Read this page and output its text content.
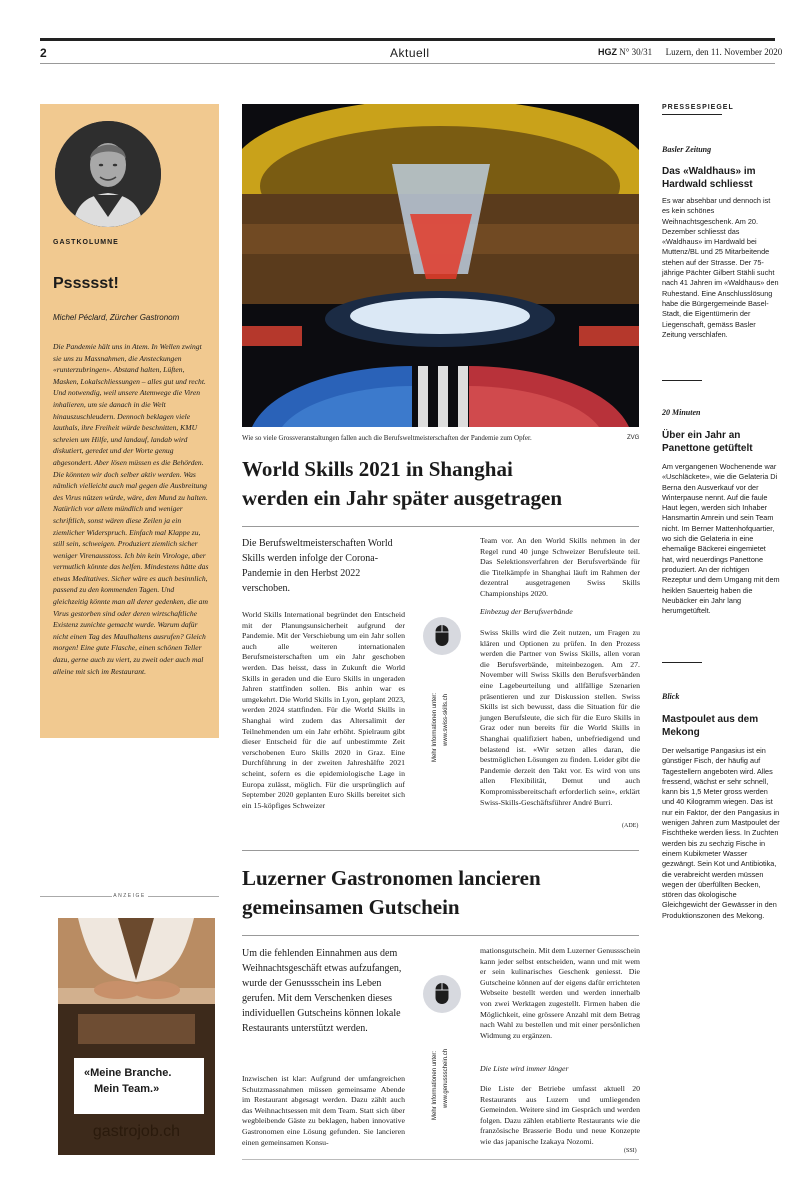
2	Aktuell	HGZ N° 30/31 Luzern, den 11. November 2020
GASTKOLUMNE
Pssssst!
Michel Péclard, Zürcher Gastronom
Die Pandemie hält uns in Atem. In Wellen zwingt sie uns zu Massnahmen, die Ansteckungen «runterzubringen». Abstand halten, Lüften, Masken, Lokalschliessungen – alles gut und recht. Und notwendig, weil unsere Atemwege die Viren inhalieren, um sie danach in die Welt hinauszuschleudern. Dennoch beklagen viele lauthals, ihre Freiheit würde beschnitten, KMU schreien um Hilfe, und landauf, landab wird diskutiert, geredet und der Worte genug abgesondert. Aber lösen müssen es die Behörden. Die könnten wir doch selber aktiv werden. Was nämlich vielleicht auch mal gegen die Ausbreitung des Virus nützen würde, wäre, den Mund zu halten. Natürlich vor allem mündlich und weniger schriftlich, sonst wären diese Zeilen ja ein ziemlicher Widerspruch. Einfach mal Klappe zu, still sein, schweigen. Produziert ziemlich sicher weniger Virenausstoss. Ich bin kein Virologe, aber vermutlich könnte das helfen. Mindestens hätte das etwas Meditatives. Sicher wäre es auch besinnlich, passend zu den kommenden Tagen. Und gleichzeitig könnte man all derer gedenken, die am Virus gestorben sind oder deren wirtschaftliche Existenz zunichte gemacht wurde. Warum dafür nicht einen Tag des Maulhaltens ausrufen? Gleich morgen! Eine gute Flasche, einen schönen Teller dazu, gerne auch zu viert, zu zweit oder auch mal alleine mit sich im Restaurant.
ANZEIGE
«Meine Branche.
Mein Team.»
gastrojob.ch
Wie so viele Grossveranstaltungen fallen auch die Berufsweltmeisterschaften der Pandemie zum Opfer.	ZVG
World Skills 2021 in Shanghai
werden ein Jahr später ausgetragen
Die Berufsweltmeisterschaften World Skills werden infolge der Corona-Pandemie in den Herbst 2022 verschoben.
World Skills International begründet den Entscheid mit der Planungsunsicherheit aufgrund der Pandemie. Mit der Verschiebung um ein Jahr sollen auch alle weiteren internationalen Berufsmeisterschaften um ein Jahr geschoben werden. Das heisst, dass in Zukunft die World Skills in geraden und die Euro Skills in ungeraden Jahren stattfinden sollen. Bis anhin war es umgekehrt. Die World Skills in Lyon, geplant 2023, werden 2024 stattfinden. Für die World Skills in Shanghai wird zudem das Altersalimit der Teilnehmenden um ein Jahr erhöht. Spielraum gibt dieser Entscheid für die auf unbestimmte Zeit verschobenen Euro Skills 2020 in Graz. Eine Durchführung in der zweiten Jahreshälfte 2021 scheint, sofern es die epidemiologische Lage in Europa zulässt, möglich. Für die ursprünglich auf September 2020 geplanten Euro Skills bereitet sich ein 15-köpfiges Schweizer
Mehr Informationen unter: www.swiss-skills.ch
Team vor. An den World Skills nehmen in der Regel rund 40 junge Schweizer Berufsleute teil. Das Selektionsverfahren der Berufsverbände für die Titelkämpfe in Shanghai läuft im Rahmen der dezentral ausgetragenen Swiss Skills Championships 2020.
Einbezug der Berufsverbände
Swiss Skills wird die Zeit nutzen, um Fragen zu klären und Optionen zu prüfen. In den Prozess werden die Partner von Swiss Skills, allen voran die Berufsverbände, miteinbezogen. Am 27. November will Swiss Skills den Berufsverbänden eine Lagebeurteilung und allfällige Szenarien präsentieren und zur Diskussion stellen. Swiss Skills ist sich bewusst, dass die Situation für die jungen Berufsleute, die sich für die Euro Skills in Graz oder nun bereits für die World Skills in Shanghai qualifiziert haben, unbefriedigend und belastend ist. «Wir setzen alles daran, die bestmöglichen Lösungen zu finden. Leider gibt die Pandemie derzeit den Takt vor. Es wird von uns allen Flexibilität, Demut und auch Kompromissbereitschaft erforderlich sein», erklärt Swiss-Skills-Geschäftsführer André Burri.
(ADE)
Luzerner Gastronomen lancieren
gemeinsamen Gutschein
Um die fehlenden Einnahmen aus dem Weihnachtsgeschäft etwas aufzufangen, wurde der Genussschein ins Leben gerufen. Mit dem Verschenken dieses individuellen Gutscheins können lokale Restaurants unterstützt werden.
Inzwischen ist klar: Aufgrund der umfangreichen Schutzmassnahmen müssen gemeinsame Abende im Restaurant abgesagt werden. Dazu zählt auch das Weihnachtsessen mit dem Team. Statt sich über wegbleibende Gäste zu beklagen, haben innovative Gastronomen eine Lösung gefunden. Sie lancieren einen gemeinsamen Konsu-
Mehr Informationen unter: www.genussschein.ch
mationsgutschein. Mit dem Luzerner Genussschein kann jeder selbst entscheiden, wann und mit wem er sein kulinarisches Geschenk geniesst. Die Gutscheine können auf der eigens dafür errichteten Webseite bestellt werden und werden innerhalb von zwei Werktagen zugestellt. Firmen haben die Möglichkeit, eine grössere Anzahl mit dem Betrag nach Wahl zu bestellen und mit einer persönlichen Widmung zu ergänzen.
Die Liste wird immer länger
Die Liste der Betriebe umfasst aktuell 20 Restaurants aus Luzern und umliegenden Gemeinden. Weitere sind im Gespräch und werden folgen. Dazu zählen etablierte Restaurants wie die französische Brasserie Bodu und neue Konzepte wie das japanische Izakaya Nozomi.
(SSI)
PRESSESPIEGEL
Basler Zeitung
Das «Waldhaus» im Hardwald schliesst
Es war absehbar und dennoch ist es kein schönes Weihnachtsgeschenk. Am 20. Dezember schliesst das «Waldhaus» im Hardwald bei Muttenz/BL und 25 Mitarbeitende stehen auf der Strasse. Der 75-jährige Pächter Gilbert Stähli sucht nach 41 Jahren im «Waldhaus» den Ruhestand. Eine Anschlusslösung habe die Bürgergemeinde Basel-Stadt, die Eigentümerin der Liegenschaft, gemäss Basler Zeitung verschlafen.
20 Minuten
Über ein Jahr an Panettone getüftelt
Am vergangenen Wochenende war «Uschläckete», wie die Gelateria Di Berna den Ausverkauf vor der Winterpause nennt. Auf die faule Haut legen, werden sich Inhaber Hansmartin Amrein und sein Team nicht. Im Berner Mattenhofquartier, wo sich die Gelateria in eine ehemalige Bäckerei eingemietet hat, wird neuerdings Panettone produziert. An der richtigen Rezeptur und dem Umgang mit dem heiklen Sauerteig haben die Neubäcker ein Jahr lang herumgetüftelt.
Blick
Mastpoulet aus dem Mekong
Der welsartige Pangasius ist ein günstiger Fisch, der häufig auf Tagestellern angeboten wird. Alles fressend, wächst er sehr schnell, kann bis 1,5 Meter gross werden und 40 Kilogramm wiegen. Das ist nur ein Faktor, der den Pangasius in wenigen Jahren zum Mastpoulet der Fischtheke werden liess. In Zuchten werden bis zu sechzig Fische in einem Kubikmeter Wasser gezwängt. Sein Kot und Antibiotika, die verabreicht werden müssen wegen der überfüllten Becken, stören das ökologische Gleichgewicht der Gewässer in den Produktionszonen des Mekong.
